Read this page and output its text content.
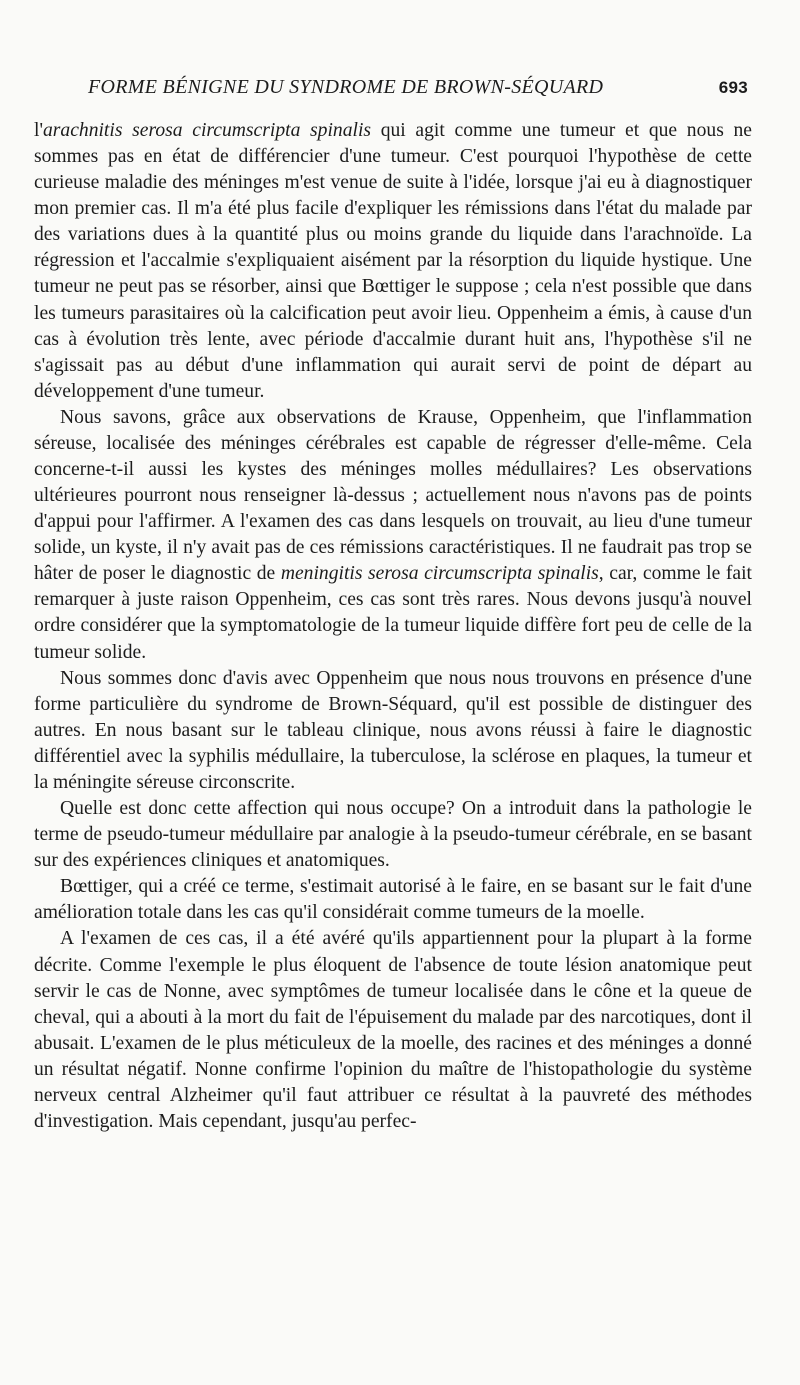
FORME BÉNIGNE DU SYNDROME DE BROWN-SÉQUARD	693

l'arachnitis serosa circumscripta spinalis qui agit comme une tumeur et que nous ne sommes pas en état de différencier d'une tumeur. C'est pourquoi l'hypothèse de cette curieuse maladie des méninges m'est venue de suite à l'idée, lorsque j'ai eu à diagnostiquer mon premier cas. Il m'a été plus facile d'expliquer les rémissions dans l'état du malade par des variations dues à la quantité plus ou moins grande du liquide dans l'arachnoïde. La régression et l'accalmie s'expliquaient aisément par la résorption du liquide hystique. Une tumeur ne peut pas se résorber, ainsi que Bœttiger le suppose ; cela n'est possible que dans les tumeurs parasitaires où la calcification peut avoir lieu. Oppenheim a émis, à cause d'un cas à évolution très lente, avec période d'accalmie durant huit ans, l'hypothèse s'il ne s'agissait pas au début d'une inflammation qui aurait servi de point de départ au développement d'une tumeur.

Nous savons, grâce aux observations de Krause, Oppenheim, que l'inflammation séreuse, localisée des méninges cérébrales est capable de régresser d'elle-même. Cela concerne-t-il aussi les kystes des méninges molles médullaires? Les observations ultérieures pourront nous renseigner là-dessus ; actuellement nous n'avons pas de points d'appui pour l'affirmer. A l'examen des cas dans lesquels on trouvait, au lieu d'une tumeur solide, un kyste, il n'y avait pas de ces rémissions caractéristiques. Il ne faudrait pas trop se hâter de poser le diagnostic de meningitis serosa circumscripta spinalis, car, comme le fait remarquer à juste raison Oppenheim, ces cas sont très rares. Nous devons jusqu'à nouvel ordre considérer que la symptomatologie de la tumeur liquide diffère fort peu de celle de la tumeur solide.

Nous sommes donc d'avis avec Oppenheim que nous nous trouvons en présence d'une forme particulière du syndrome de Brown-Séquard, qu'il est possible de distinguer des autres. En nous basant sur le tableau clinique, nous avons réussi à faire le diagnostic différentiel avec la syphilis médullaire, la tuberculose, la sclérose en plaques, la tumeur et la méningite séreuse circonscrite.

Quelle est donc cette affection qui nous occupe? On a introduit dans la pathologie le terme de pseudo-tumeur médullaire par analogie à la pseudo-tumeur cérébrale, en se basant sur des expériences cliniques et anatomiques.

Bœttiger, qui a créé ce terme, s'estimait autorisé à le faire, en se basant sur le fait d'une amélioration totale dans les cas qu'il considérait comme tumeurs de la moelle.

A l'examen de ces cas, il a été avéré qu'ils appartiennent pour la plupart à la forme décrite. Comme l'exemple le plus éloquent de l'absence de toute lésion anatomique peut servir le cas de Nonne, avec symptômes de tumeur localisée dans le cône et la queue de cheval, qui a abouti à la mort du fait de l'épuisement du malade par des narcotiques, dont il abusait. L'examen de le plus méticuleux de la moelle, des racines et des méninges a donné un résultat négatif. Nonne confirme l'opinion du maître de l'histopathologie du système nerveux central Alzheimer qu'il faut attribuer ce résultat à la pauvreté des méthodes d'investigation. Mais cependant, jusqu'au perfec-
